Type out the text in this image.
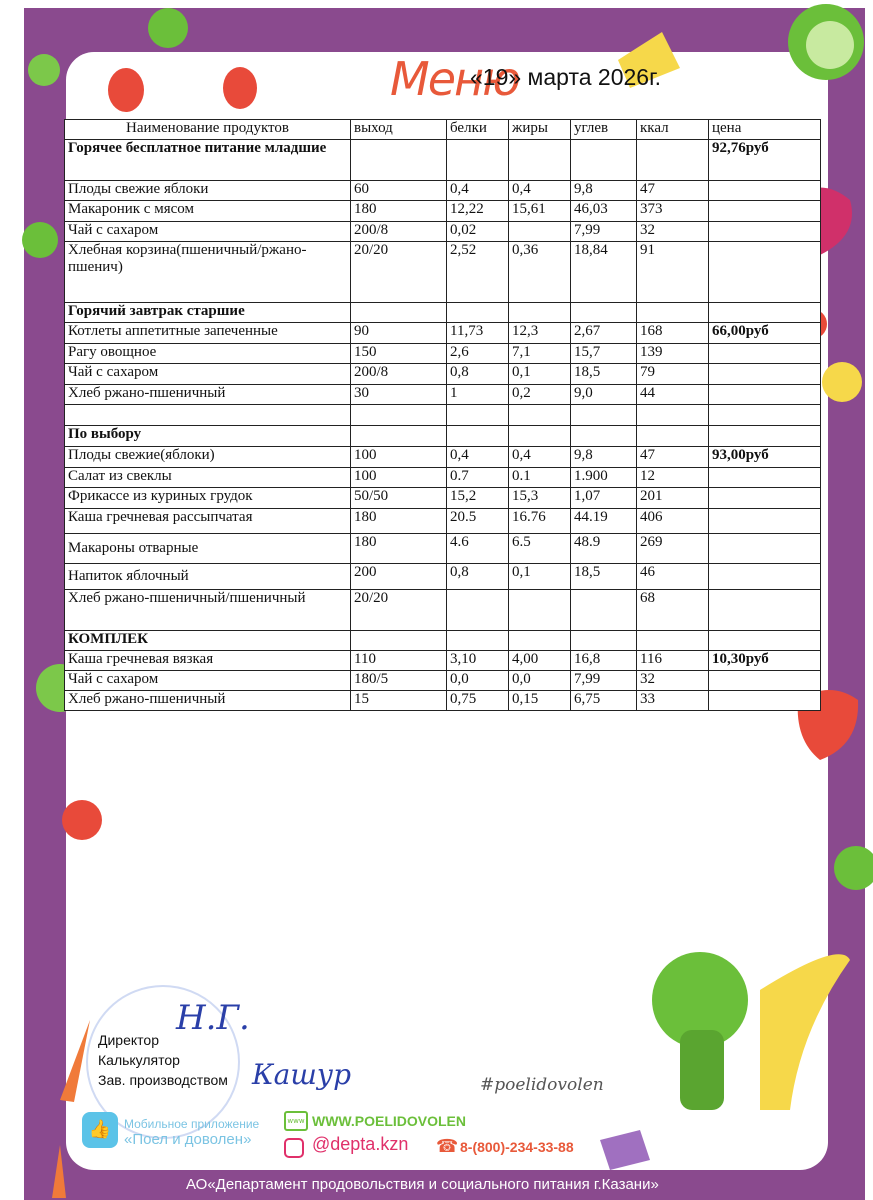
Меню
«19» марта 2026г.
Наименование продуктов	выход	белки	жиры	углев	ккал	цена
Горячее бесплатное питание младшие						92,76руб
Плоды свежие яблоки	60	0,4	0,4	9,8	47	
Макароник с мясом	180	12,22	15,61	46,03	373	
Чай с сахаром	200/8	0,02		7,99	32	
Хлебная корзина(пшеничный/ржано-пшенич)	20/20	2,52	0,36	18,84	91	
Горячий завтрак старшие						
Котлеты аппетитные запеченные	90	11,73	12,3	2,67	168	66,00руб
Рагу овощное	150	2,6	7,1	15,7	139	
Чай с сахаром	200/8	0,8	0,1	18,5	79	
Хлеб ржано-пшеничный	30	1	0,2	9,0	44	

По выбору						
Плоды свежие(яблоки)	100	0,4	0,4	9,8	47	93,00руб
Салат из свеклы	100	0.7	0.1	1.900	12	
Фрикассе из куриных грудок	50/50	15,2	15,3	1,07	201	
Каша гречневая рассыпчатая	180	20.5	16.76	44.19	406	
Макароны отварные	180	4.6	6.5	48.9	269	
Напиток яблочный	200	0,8	0,1	18,5	46	
Хлеб ржано-пшеничный/пшеничный	20/20				68	
КОМПЛЕК						
Каша гречневая вязкая	110	3,10	4,00	16,8	116	10,30руб
Чай с сахаром	180/5	0,0	0,0	7,99	32	
Хлеб ржано-пшеничный	15	0,75	0,15	6,75	33	
Директор
Калькулятор
Зав. производством
Н.Г.
Кашур	#poelidovolen
👍	Мобильное приложение
«Поел и доволен»
www WWW.POELIDOVOLEN
@depta.kzn ☎ 8-(800)-234-33-88
АО«Департамент продовольствия и социального питания г.Казани»
